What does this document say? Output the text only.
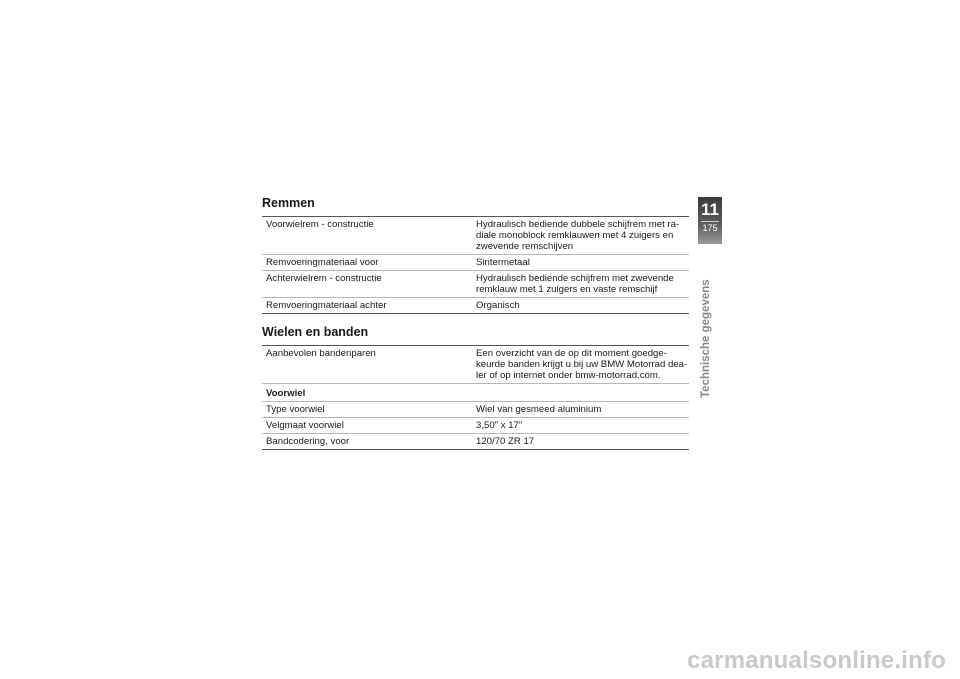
Remmen
Voorwielrem - constructie	Hydraulisch bediende dubbele schijfrem met ra-
diale monoblock remklauwen met 4 zuigers en
zwevende remschijven
Remvoeringmateriaal voor	Sintermetaal
Achterwielrem - constructie	Hydraulisch bediende schijfrem met zwevende
remklauw met 1 zuigers en vaste remschijf
Remvoeringmateriaal achter	Organisch
Wielen en banden
Aanbevolen bandenparen	Een overzicht van de op dit moment goedge-
keurde banden krijgt u bij uw BMW Motorrad dea-
ler of op internet onder bmw-motorrad.com.
Voorwiel	
Type voorwiel	Wiel van gesmeed aluminium
Velgmaat voorwiel	3,50" x 17"
Bandcodering, voor	120/70 ZR 17
11
175
Technische gegevens
carmanualsonline.info
